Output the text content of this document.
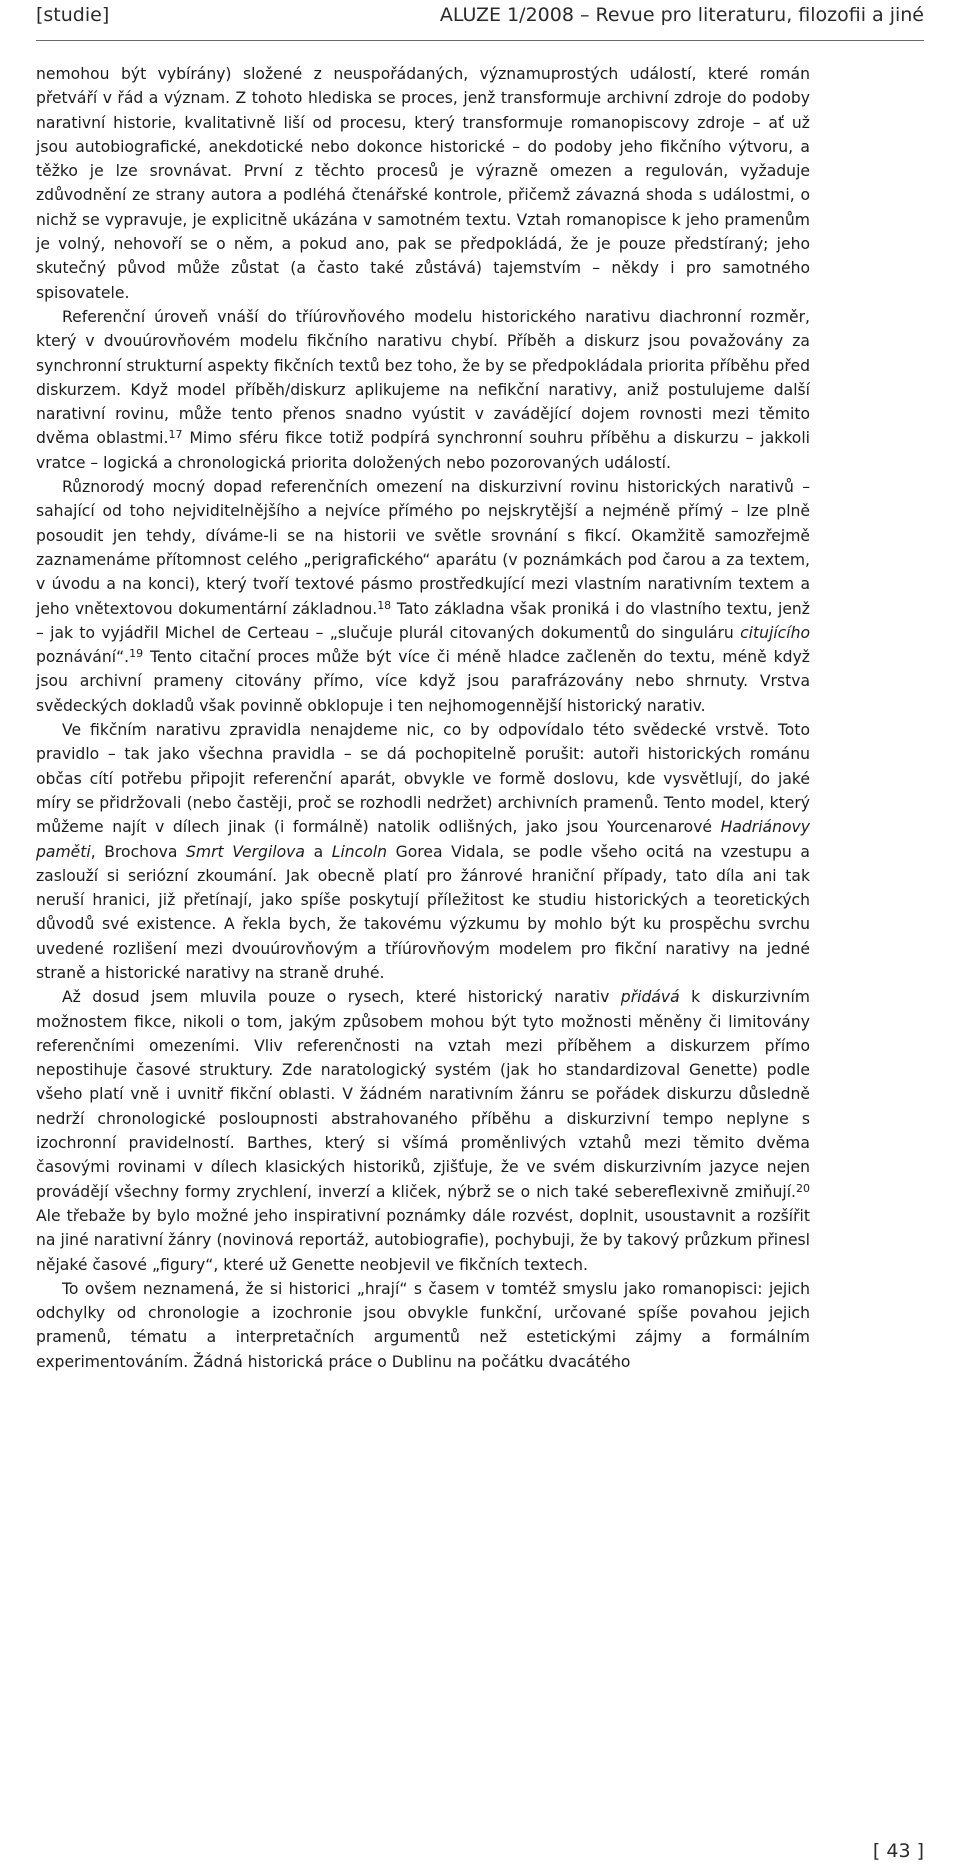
[studie]	ALUZE 1/2008 – Revue pro literaturu, filozofii a jiné

nemohou být vybírány) složené z neuspořádaných, významuprostých událostí, které román přetváří v řád a význam. Z tohoto hlediska se proces, jenž transformuje archivní zdroje do podoby narativní historie, kvalitativně liší od procesu, který transformuje romanopiscovy zdroje – ať už jsou autobiografické, anekdotické nebo dokonce historické – do podoby jeho fikčního výtvoru, a těžko je lze srovnávat. První z těchto procesů je výrazně omezen a regulován, vyžaduje zdůvodnění ze strany autora a podléhá čtenářské kontrole, přičemž závazná shoda s událostmi, o nichž se vypravuje, je explicitně ukázána v samotném textu. Vztah romanopisce k jeho pramenům je volný, nehovoří se o něm, a pokud ano, pak se předpokládá, že je pouze předstíraný; jeho skutečný původ může zůstat (a často také zůstává) tajemstvím – někdy i pro samotného spisovatele.

Referenční úroveň vnáší do tříúrovňového modelu historického narativu diachronní rozměr, který v dvouúrovňovém modelu fikčního narativu chybí. Příběh a diskurz jsou považovány za synchronní strukturní aspekty fikčních textů bez toho, že by se předpokládala priorita příběhu před diskurzem. Když model příběh/diskurz aplikujeme na nefikční narativy, aniž postulujeme další narativní rovinu, může tento přenos snadno vyústit v zavádějící dojem rovnosti mezi těmito dvěma oblastmi.$^{17}$ Mimo sféru fikce totiž podpírá synchronní souhru příběhu a diskurzu – jakkoli vratce – logická a chronologická priorita doložených nebo pozorovaných událostí.

Různorodý mocný dopad referenčních omezení na diskurzivní rovinu historických narativů – sahající od toho nejviditelnějšího a nejvíce přímého po nejskrytější a nejméně přímý – lze plně posoudit jen tehdy, díváme-li se na historii ve světle srovnání s fikcí. Okamžitě samozřejmě zaznamenáme přítomnost celého „perigrafického“ aparátu (v poznámkách pod čarou a za textem, v úvodu a na konci), který tvoří textové pásmo prostředkující mezi vlastním narativním textem a jeho vnětextovou dokumentární základnou.$^{18}$ Tato základna však proniká i do vlastního textu, jenž – jak to vyjádřil Michel de Certeau – „slučuje plurál citovaných dokumentů do singuláru citujícího poznávání“.$^{19}$ Tento citační proces může být více či méně hladce začleněn do textu, méně když jsou archivní prameny citovány přímo, více když jsou parafrázovány nebo shrnuty. Vrstva svědeckých dokladů však povinně obklopuje i ten nejhomogennější historický narativ.

Ve fikčním narativu zpravidla nenajdeme nic, co by odpovídalo této svědecké vrstvě. Toto pravidlo – tak jako všechna pravidla – se dá pochopitelně porušit: autoři historických románu občas cítí potřebu připojit referenční aparát, obvykle ve formě doslovu, kde vysvětlují, do jaké míry se přidržovali (nebo častěji, proč se rozhodli nedržet) archivních pramenů. Tento model, který můžeme najít v dílech jinak (i formálně) natolik odlišných, jako jsou Yourcenarové Hadriánovy paměti, Brochova Smrt Vergilova a Lincoln Gorea Vidala, se podle všeho ocitá na vzestupu a zaslouží si seriózní zkoumání. Jak obecně platí pro žánrové hraniční případy, tato díla ani tak neruší hranici, již přetínají, jako spíše poskytují příležitost ke studiu historických a teoretických důvodů své existence. A řekla bych, že takovému výzkumu by mohlo být ku prospěchu svrchu uvedené rozlišení mezi dvouúrovňovým a tříúrovňovým modelem pro fikční narativy na jedné straně a historické narativy na straně druhé.

Až dosud jsem mluvila pouze o rysech, které historický narativ přidává k diskurzivním možnostem fikce, nikoli o tom, jakým způsobem mohou být tyto možnosti měněny či limitovány referenčními omezeními. Vliv referenčnosti na vztah mezi příběhem a diskurzem přímo nepostihuje časové struktury. Zde naratologický systém (jak ho standardizoval Genette) podle všeho platí vně i uvnitř fikční oblasti. V žádném narativním žánru se pořádek diskurzu důsledně nedrží chronologické posloupnosti abstrahovaného příběhu a diskurzivní tempo neplyne s izochronní pravidelností. Barthes, který si všímá proměnlivých vztahů mezi těmito dvěma časovými rovinami v dílech klasických historiků, zjišťuje, že ve svém diskurzivním jazyce nejen provádějí všechny formy zrychlení, inverzí a kliček, nýbrž se o nich také sebereflexivně zmiňují.$^{20}$ Ale třebaže by bylo možné jeho inspirativní poznámky dále rozvést, doplnit, usoustavnit a rozšířit na jiné narativní žánry (novinová reportáž, autobiografie), pochybuji, že by takový průzkum přinesl nějaké časové „figury“, které už Genette neobjevil ve fikčních textech.

To ovšem neznamená, že si historici „hrají“ s časem v tomtéž smyslu jako romanopisci: jejich odchylky od chronologie a izochronie jsou obvykle funkční, určované spíše povahou jejich pramenů, tématu a interpretačních argumentů než estetickými zájmy a formálním experimentováním. Žádná historická práce o Dublinu na počátku dvacátého

[ 43 ]
